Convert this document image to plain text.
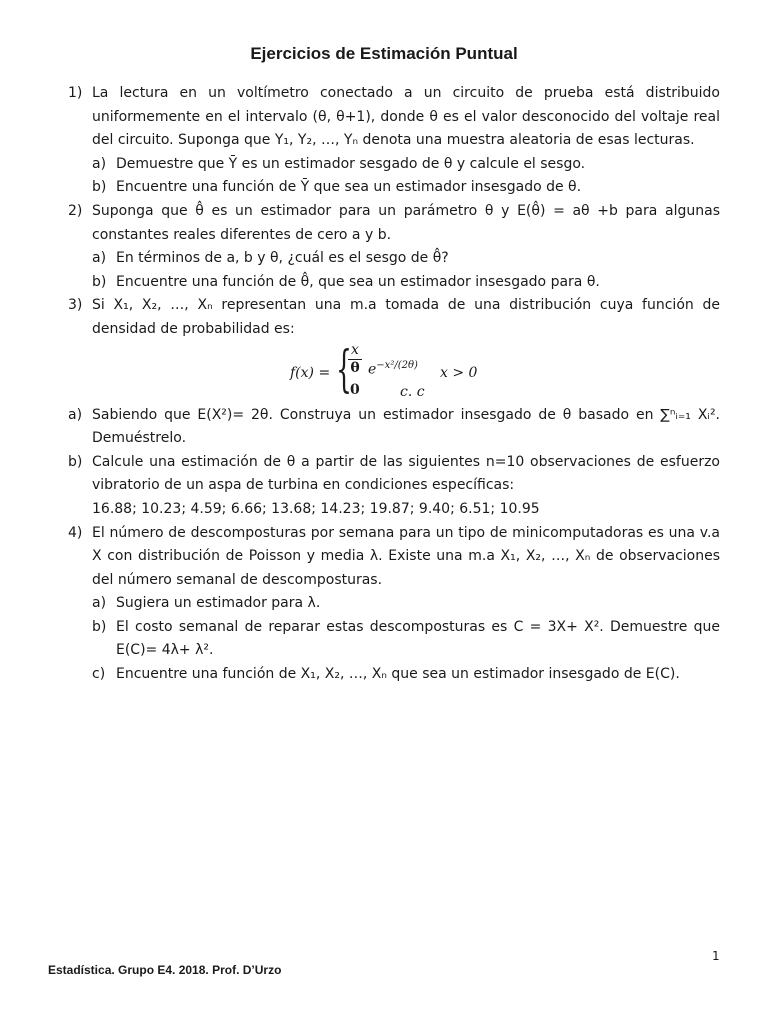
Ejercicios de Estimación Puntual
1) La lectura en un voltímetro conectado a un circuito de prueba está distribuido uniformemente en el intervalo (θ, θ+1), donde θ es el valor desconocido del voltaje real del circuito. Suponga que Y₁, Y₂, …, Yₙ denota una muestra aleatoria de esas lecturas.
a) Demuestre que Ȳ es un estimador sesgado de θ y calcule el sesgo.
b) Encuentre una función de Ȳ que sea un estimador insesgado de θ.
2) Suponga que θ̂ es un estimador para un parámetro θ y E(θ̂) = aθ +b para algunas constantes reales diferentes de cero a y b.
a) En términos de a, b y θ, ¿cuál es el sesgo de θ̂?
b) Encuentre una función de θ̂, que sea un estimador insesgado para θ.
3) Si X₁, X₂, …, Xₙ representan una m.a tomada de una distribución cuya función de densidad de probabilidad es:
f(x) = {
$\frac{x}{\theta} e^{-x^2/(2\theta)}$
0
x > 0
c. c
a) Sabiendo que E(X²)= 2θ. Construya un estimador insesgado de θ basado en ∑ⁿᵢ₌₁ Xᵢ². Demuéstrelo.
b) Calcule una estimación de θ a partir de las siguientes n=10 observaciones de esfuerzo vibratorio de un aspa de turbina en condiciones específicas:
16.88; 10.23; 4.59; 6.66; 13.68; 14.23; 19.87; 9.40; 6.51; 10.95
4) El número de descomposturas por semana para un tipo de minicomputadoras es una v.a X con distribución de Poisson y media λ. Existe una m.a X₁, X₂, …, Xₙ de observaciones del número semanal de descomposturas.
a) Sugiera un estimador para λ.
b) El costo semanal de reparar estas descomposturas es C = 3X+ X². Demuestre que E(C)= 4λ+ λ².
c) Encuentre una función de X₁, X₂, …, Xₙ que sea un estimador insesgado de E(C).
1
Estadística. Grupo E4. 2018. Prof. D’Urzo
